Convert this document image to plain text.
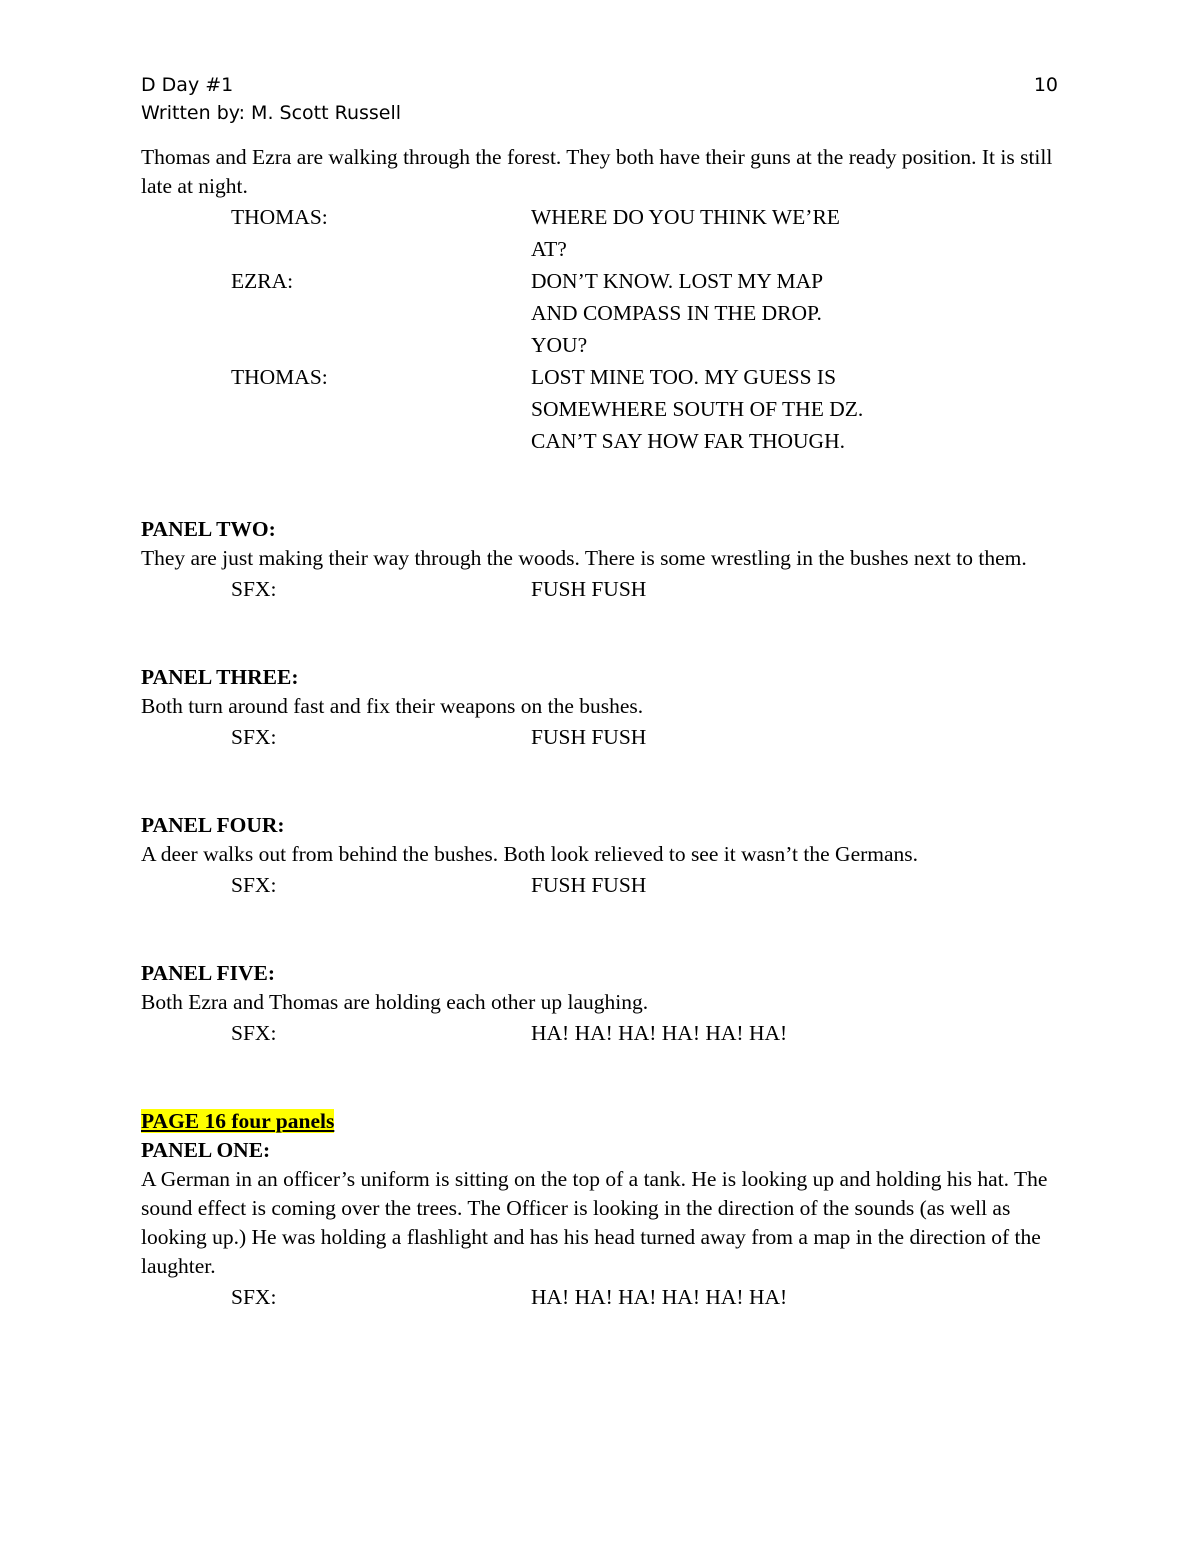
D Day #1
Written by: M. Scott Russell
10

Thomas and Ezra are walking through the forest. They both have their guns at the ready position. It is still late at night.

THOMAS:	WHERE DO YOU THINK WE’RE
AT?
EZRA:	DON’T KNOW. LOST MY MAP
AND COMPASS IN THE DROP.
YOU?
THOMAS:	LOST MINE TOO. MY GUESS IS
SOMEWHERE SOUTH OF THE DZ.
CAN’T SAY HOW FAR THOUGH.

PANEL TWO:

They are just making their way through the woods. There is some wrestling in the bushes next to them.

SFX:	FUSH FUSH

PANEL THREE:

Both turn around fast and fix their weapons on the bushes.

SFX:	FUSH FUSH

PANEL FOUR:

A deer walks out from behind the bushes. Both look relieved to see it wasn’t the Germans.

SFX:	FUSH FUSH

PANEL FIVE:

Both Ezra and Thomas are holding each other up laughing.

SFX:	HA! HA! HA! HA! HA! HA!

PAGE 16 four panels

PANEL ONE:

A German in an officer’s uniform is sitting on the top of a tank. He is looking up and holding his hat. The sound effect is coming over the trees. The Officer is looking in the direction of the sounds (as well as looking up.) He was holding a flashlight and has his head turned away from a map in the direction of the laughter.

SFX:	HA! HA! HA! HA! HA! HA!
